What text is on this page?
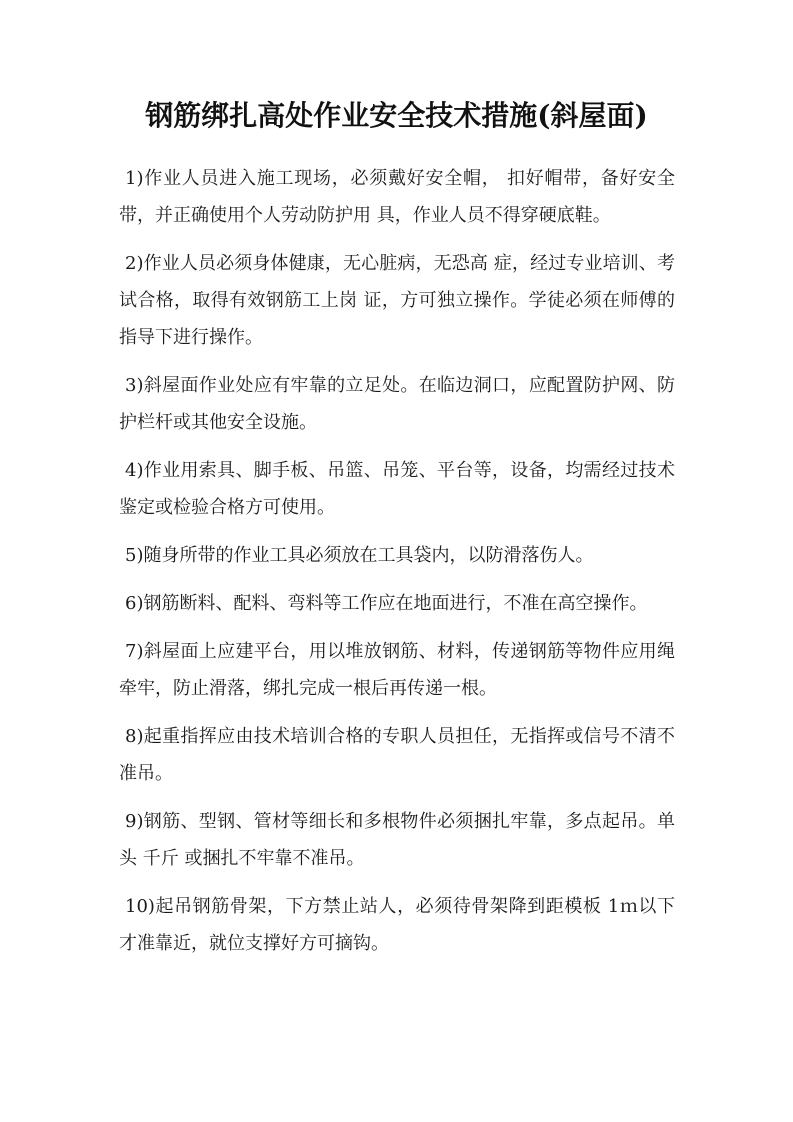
钢筋绑扎高处作业安全技术措施(斜屋面)

1)作业人员进入施工现场，必须戴好安全帽， 扣好帽带，备好安全带，并正确使用个人劳动防护用 具，作业人员不得穿硬底鞋。

2)作业人员必须身体健康，无心脏病，无恐高 症，经过专业培训、考试合格，取得有效钢筋工上岗 证，方可独立操作。学徒必须在师傅的指导下进行操作。

3)斜屋面作业处应有牢靠的立足处。在临边洞口，应配置防护网、防护栏杆或其他安全设施。

4)作业用索具、脚手板、吊篮、吊笼、平台等，设备，均需经过技术鉴定或检验合格方可使用。

5)随身所带的作业工具必须放在工具袋内，以防滑落伤人。

6)钢筋断料、配料、弯料等工作应在地面进行，不准在高空操作。

7)斜屋面上应建平台，用以堆放钢筋、材料，传递钢筋等物件应用绳牵牢，防止滑落，绑扎完成一根后再传递一根。

8)起重指挥应由技术培训合格的专职人员担任，无指挥或信号不清不准吊。

9)钢筋、型钢、管材等细长和多根物件必须捆扎牢靠，多点起吊。单头 千斤 或捆扎不牢靠不准吊。

10)起吊钢筋骨架，下方禁止站人，必须待骨架降到距模板 1ｍ以下才准靠近，就位支撑好方可摘钩。
